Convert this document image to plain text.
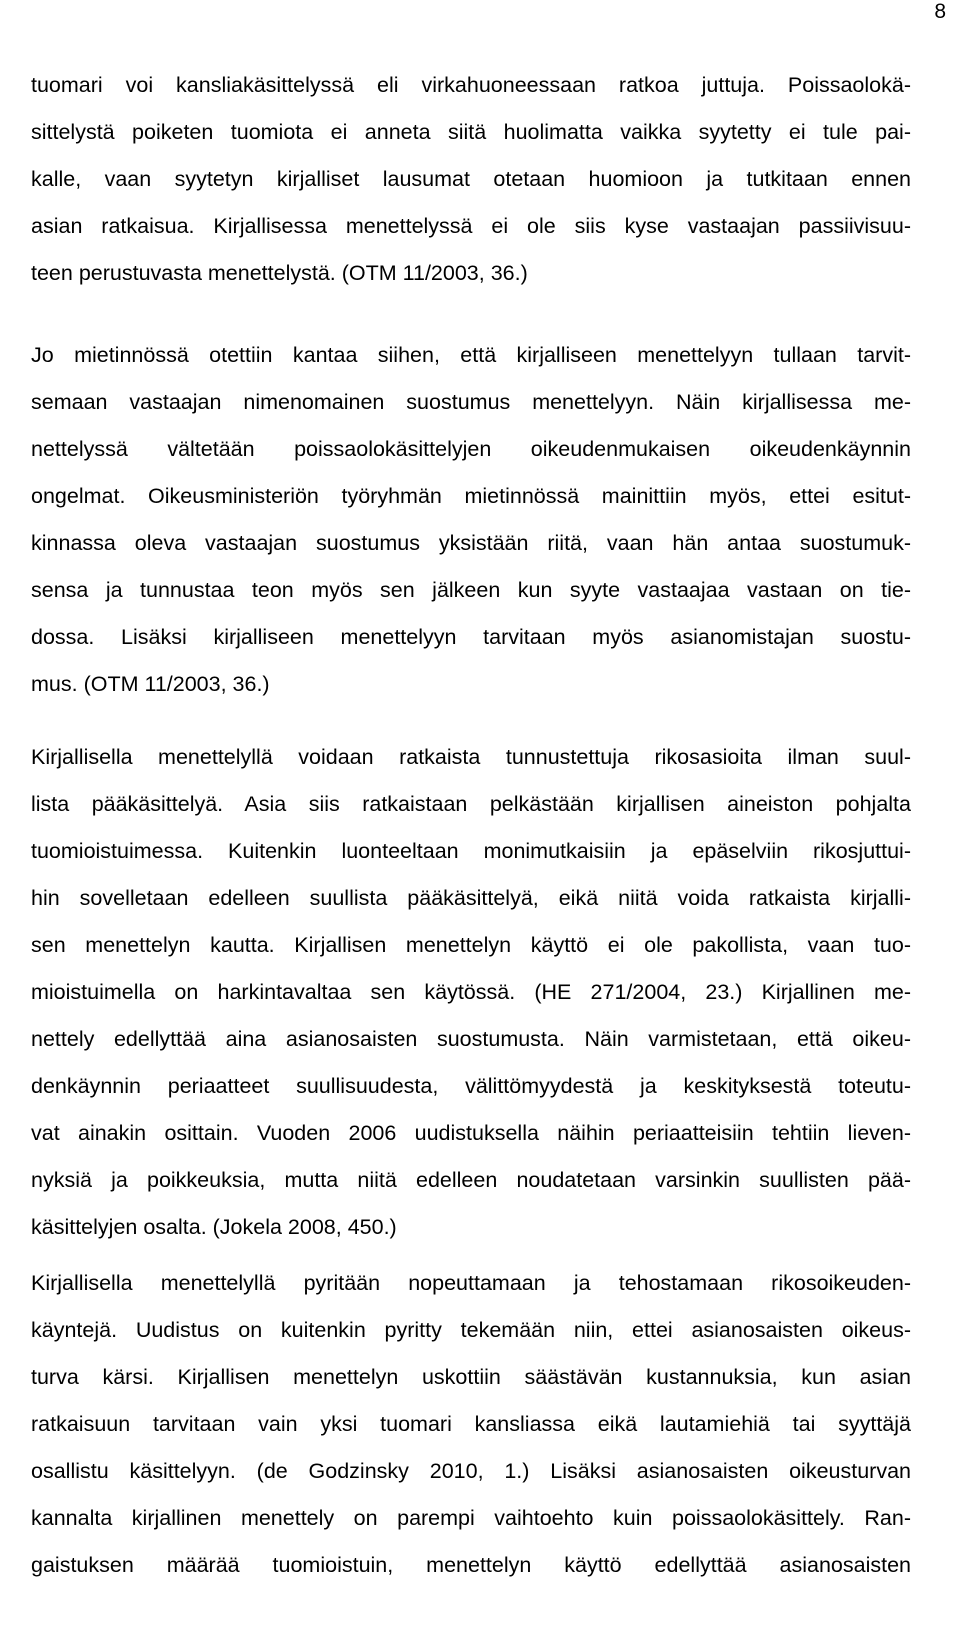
8
tuomari voi kansliakäsittelyssä eli virkahuoneessaan ratkoa juttuja. Poissaolokä-
sittelystä poiketen tuomiota ei anneta siitä huolimatta vaikka syytetty ei tule pai-
kalle, vaan syytetyn kirjalliset lausumat otetaan huomioon ja tutkitaan ennen
asian ratkaisua. Kirjallisessa menettelyssä ei ole siis kyse vastaajan passiivisuu-
teen perustuvasta menettelystä. (OTM 11/2003, 36.)
Jo mietinnössä otettiin kantaa siihen, että kirjalliseen menettelyyn tullaan tarvit-
semaan vastaajan nimenomainen suostumus menettelyyn. Näin kirjallisessa me-
nettelyssä vältetään poissaolokäsittelyjen oikeudenmukaisen oikeudenkäynnin
ongelmat. Oikeusministeriön työryhmän mietinnössä mainittiin myös, ettei esitut-
kinnassa oleva vastaajan suostumus yksistään riitä, vaan hän antaa suostumuk-
sensa ja tunnustaa teon myös sen jälkeen kun syyte vastaajaa vastaan on tie-
dossa. Lisäksi kirjalliseen menettelyyn tarvitaan myös asianomistajan suostu-
mus. (OTM 11/2003, 36.)
Kirjallisella menettelyllä voidaan ratkaista tunnustettuja rikosasioita ilman suul-
lista pääkäsittelyä. Asia siis ratkaistaan pelkästään kirjallisen aineiston pohjalta
tuomioistuimessa. Kuitenkin luonteeltaan monimutkaisiin ja epäselviin rikosjuttui-
hin sovelletaan edelleen suullista pääkäsittelyä, eikä niitä voida ratkaista kirjalli-
sen menettelyn kautta. Kirjallisen menettelyn käyttö ei ole pakollista, vaan tuo-
mioistuimella on harkintavaltaa sen käytössä. (HE 271/2004, 23.) Kirjallinen me-
nettely edellyttää aina asianosaisten suostumusta. Näin varmistetaan, että oikeu-
denkäynnin periaatteet suullisuudesta, välittömyydestä ja keskityksestä toteutu-
vat ainakin osittain. Vuoden 2006 uudistuksella näihin periaatteisiin tehtiin lieven-
nyksiä ja poikkeuksia, mutta niitä edelleen noudatetaan varsinkin suullisten pää-
käsittelyjen osalta. (Jokela 2008, 450.)
Kirjallisella menettelyllä pyritään nopeuttamaan ja tehostamaan rikosoikeuden-
käyntejä. Uudistus on kuitenkin pyritty tekemään niin, ettei asianosaisten oikeus-
turva kärsi. Kirjallisen menettelyn uskottiin säästävän kustannuksia, kun asian
ratkaisuun tarvitaan vain yksi tuomari kansliassa eikä lautamiehiä tai syyttäjä
osallistu käsittelyyn. (de Godzinsky 2010, 1.) Lisäksi asianosaisten oikeusturvan
kannalta kirjallinen menettely on parempi vaihtoehto kuin poissaolokäsittely. Ran-
gaistuksen määrää tuomioistuin, menettelyn käyttö edellyttää asianosaisten
